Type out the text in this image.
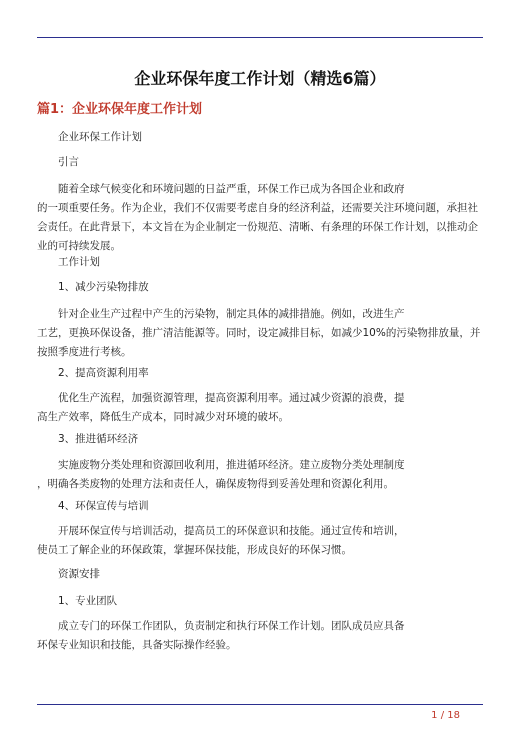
企业环保年度工作计划（精选6篇）
篇1：企业环保年度工作计划
企业环保工作计划
引言
随着全球气候变化和环境问题的日益严重，环保工作已成为各国企业和政府
的一项重要任务。作为企业，我们不仅需要考虑自身的经济利益，还需要关注环境问题，承担社
会责任。在此背景下，本文旨在为企业制定一份规范、清晰、有条理的环保工作计划，以推动企
业的可持续发展。
工作计划
1、减少污染物排放
针对企业生产过程中产生的污染物，制定具体的减排措施。例如，改进生产
工艺，更换环保设备，推广清洁能源等。同时，设定减排目标，如减少10%的污染物排放量，并
按照季度进行考核。
2、提高资源利用率
优化生产流程，加强资源管理，提高资源利用率。通过减少资源的浪费，提
高生产效率，降低生产成本，同时减少对环境的破坏。
3、推进循环经济
实施废物分类处理和资源回收利用，推进循环经济。建立废物分类处理制度
，明确各类废物的处理方法和责任人，确保废物得到妥善处理和资源化利用。
4、环保宣传与培训
开展环保宣传与培训活动，提高员工的环保意识和技能。通过宣传和培训，
使员工了解企业的环保政策，掌握环保技能，形成良好的环保习惯。
资源安排
1、专业团队
成立专门的环保工作团队，负责制定和执行环保工作计划。团队成员应具备
环保专业知识和技能，具备实际操作经验。
1 / 18
